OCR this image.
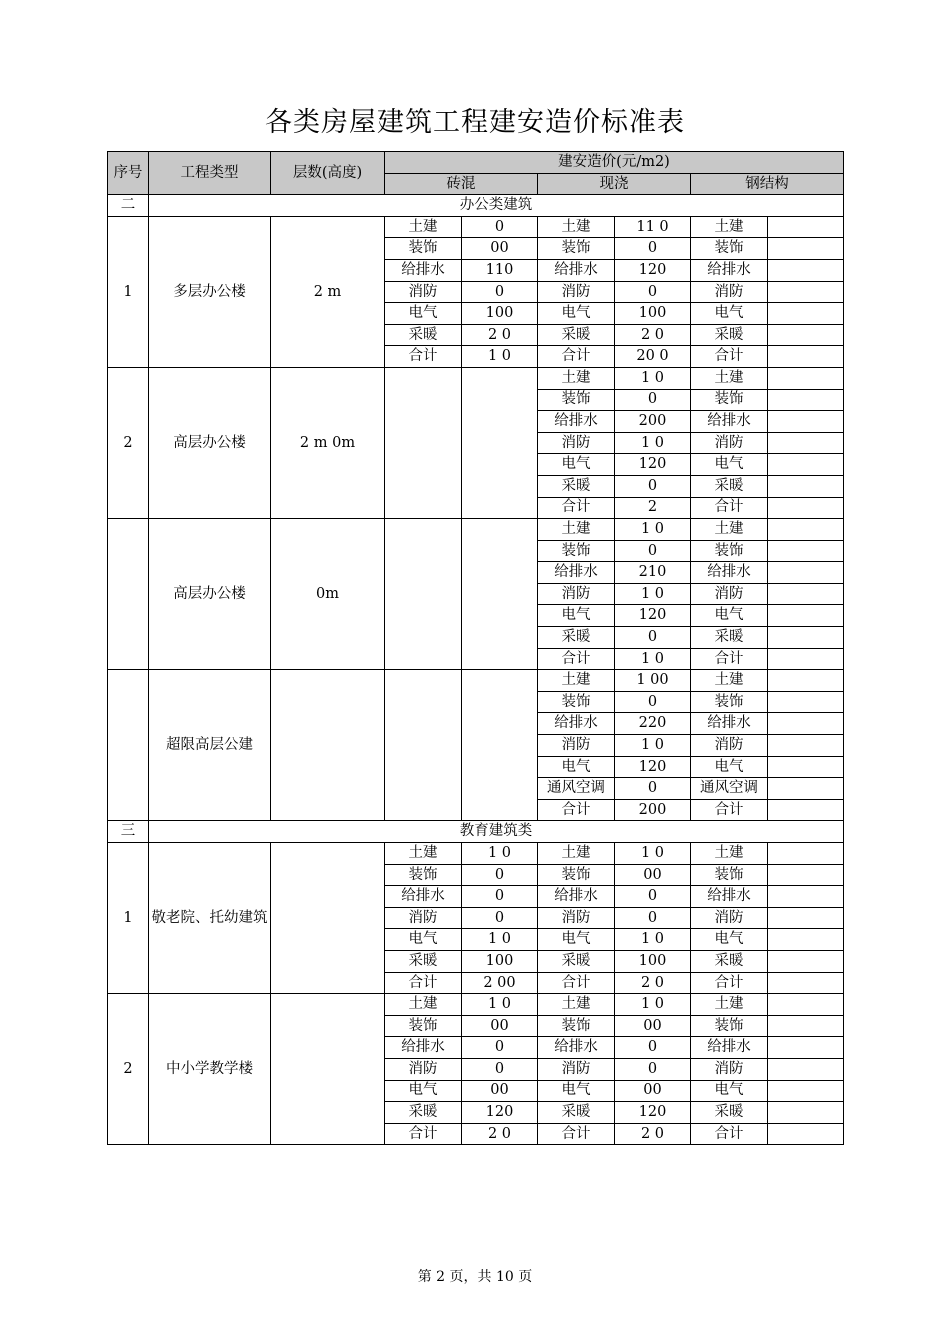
各类房屋建筑工程建安造价标准表
序号	工程类型	层数(高度)	建安造价(元/m2)					
			砖混		现浇		钢结构	
二	办公类建筑							
1	多层办公楼	2 m	土建	0	土建	11 0	土建	
			装饰	00	装饰	0	装饰	
			给排水	110	给排水	120	给排水	
			消防	0	消防	0	消防	
			电气	100	电气	100	电气	
			采暖	2 0	采暖	2 0	采暖	
			合计	1 0	合计	20 0	合计	
2	高层办公楼	2 m 0m			土建	1 0	土建	
					装饰	0	装饰	
					给排水	200	给排水	
					消防	1 0	消防	
					电气	120	电气	
					采暖	0	采暖	
					合计	2	合计	
	高层办公楼	0m			土建	1 0	土建	
					装饰	0	装饰	
					给排水	210	给排水	
					消防	1 0	消防	
					电气	120	电气	
					采暖	0	采暖	
					合计	1 0	合计	
	超限高层公建				土建	1 00	土建	
					装饰	0	装饰	
					给排水	220	给排水	
					消防	1 0	消防	
					电气	120	电气	
					通风空调	0	通风空调	
					合计	200	合计	
三	教育建筑类							
1	敬老院、托幼建筑		土建	1 0	土建	1 0	土建	
			装饰	0	装饰	00	装饰	
			给排水	0	给排水	0	给排水	
			消防	0	消防	0	消防	
			电气	1 0	电气	1 0	电气	
			采暖	100	采暖	100	采暖	
			合计	2 00	合计	2 0	合计	
2	中小学教学楼		土建	1 0	土建	1 0	土建	
			装饰	00	装饰	00	装饰	
			给排水	0	给排水	0	给排水	
			消防	0	消防	0	消防	
			电气	00	电气	00	电气	
			采暖	120	采暖	120	采暖	
			合计	2 0	合计	2 0	合计	
第 2 页，共 10 页
